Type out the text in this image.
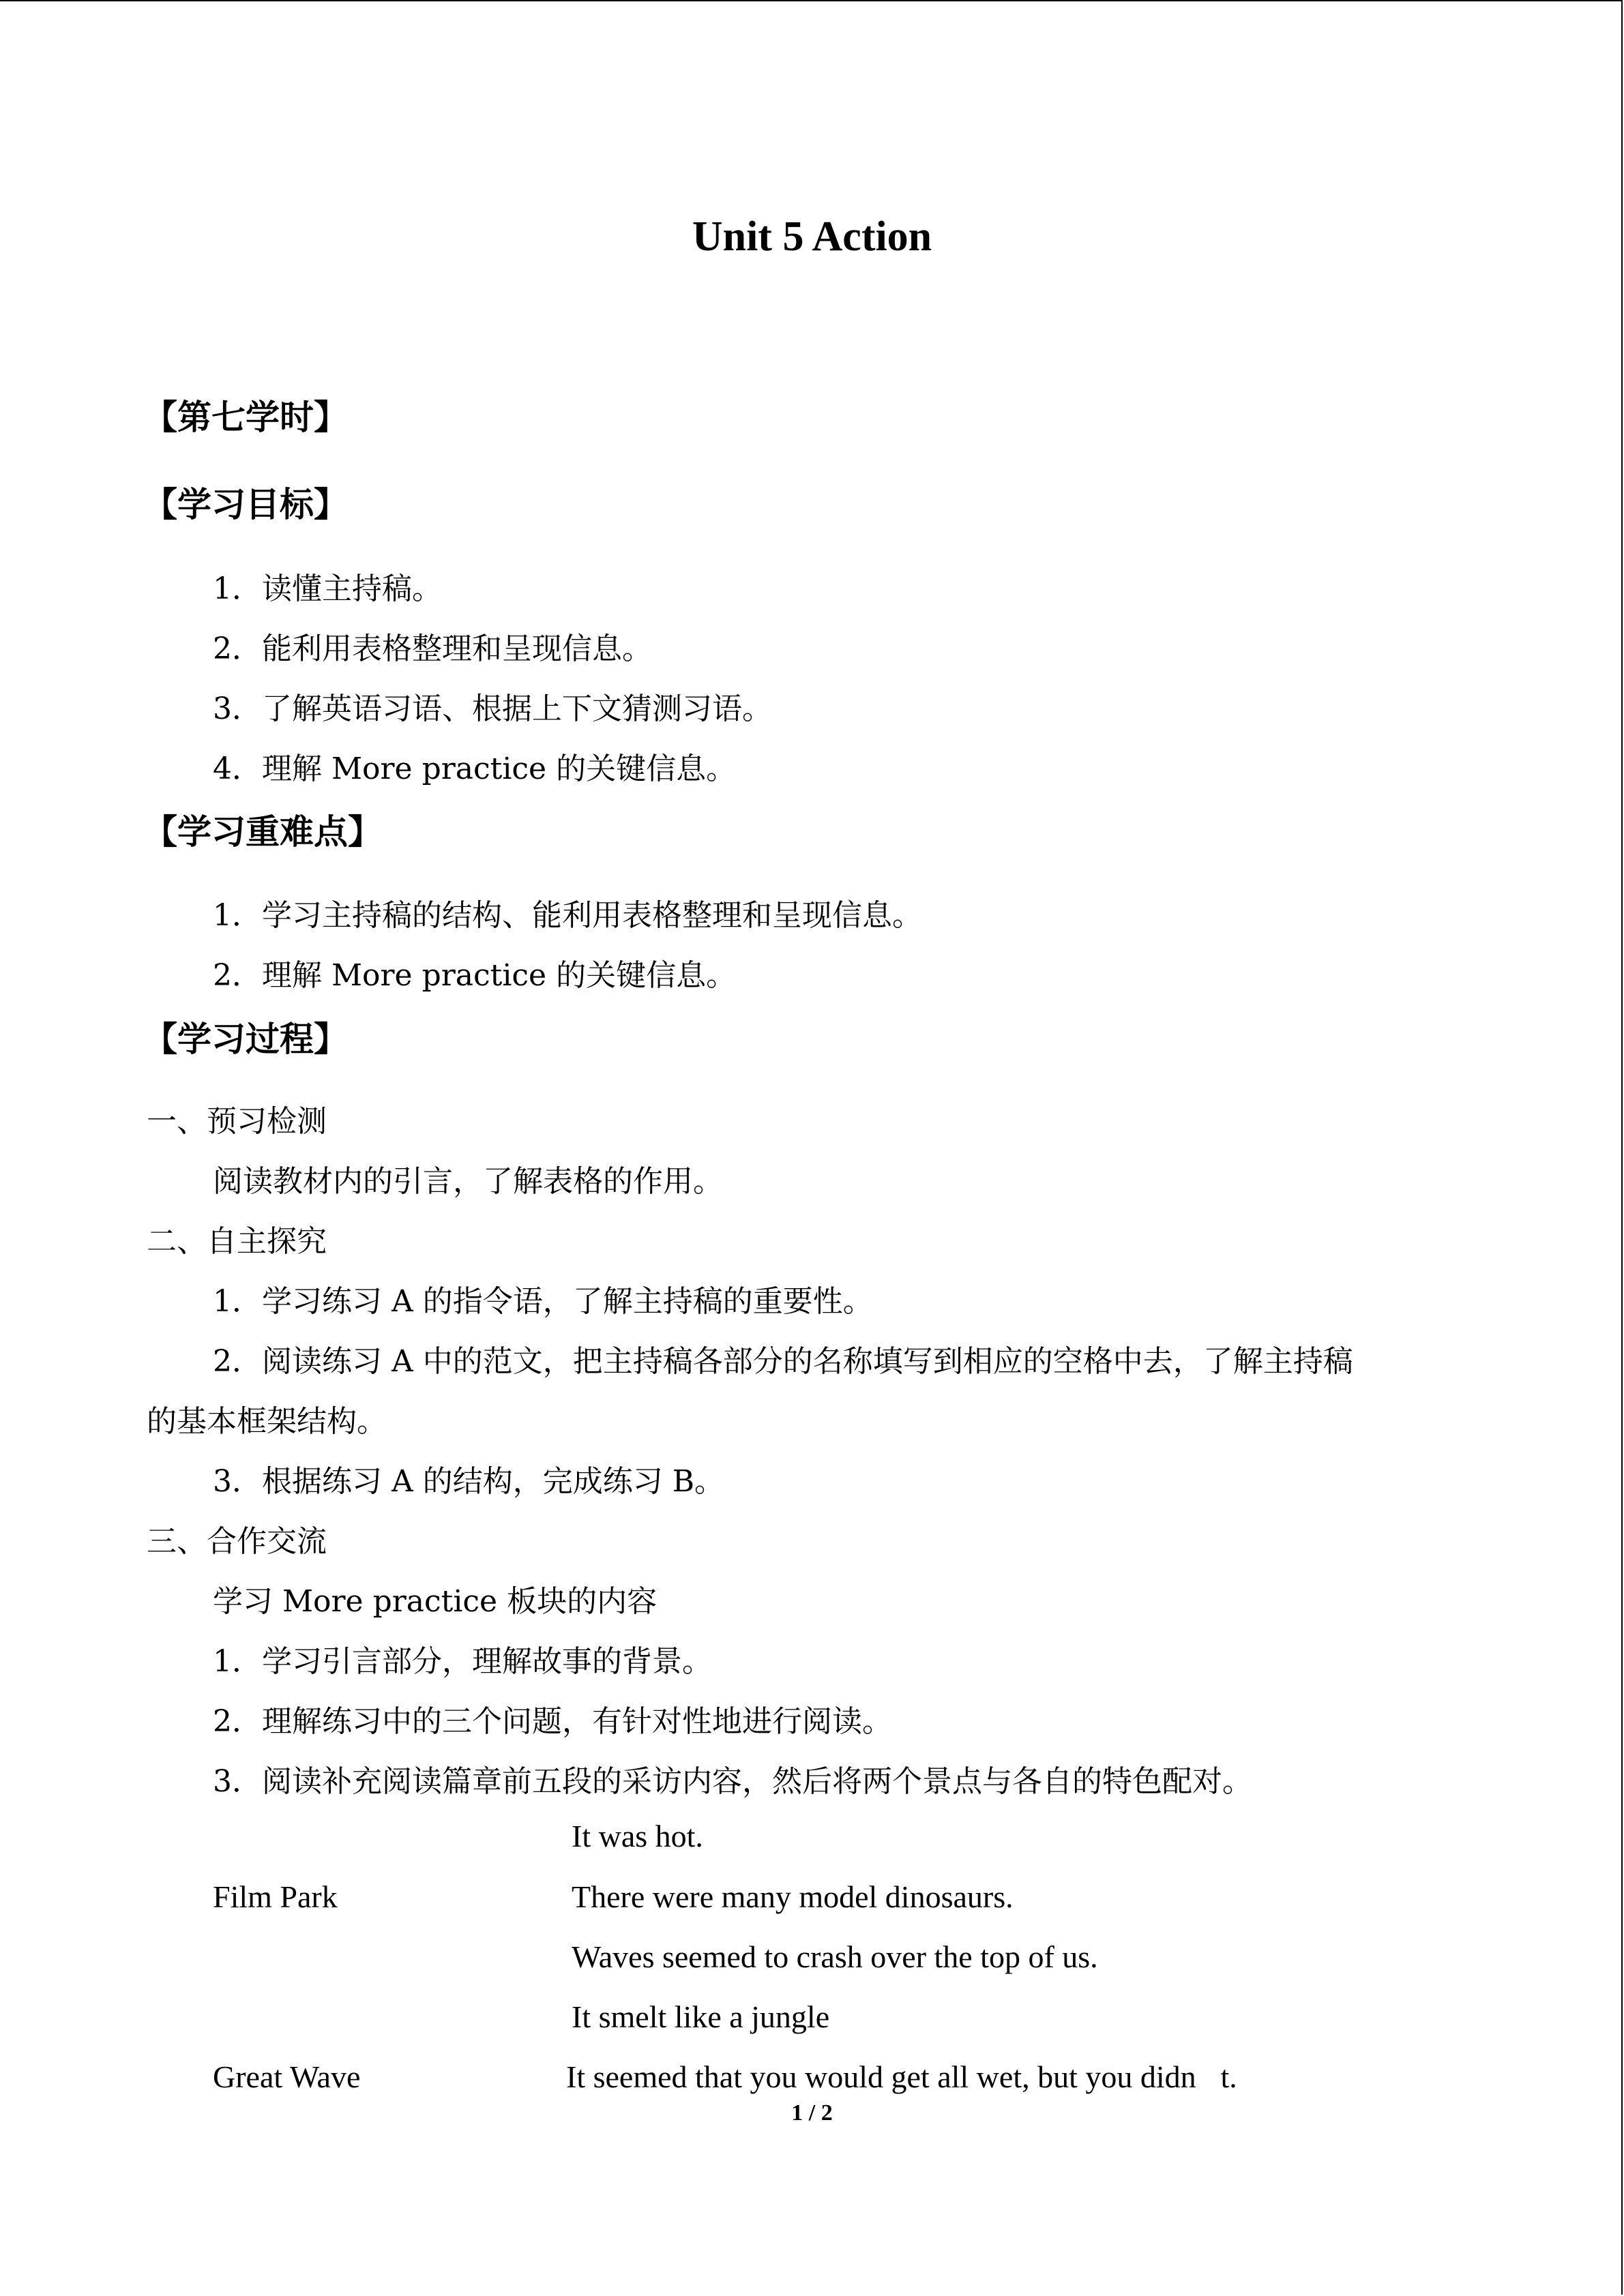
Unit 5 Action
【第七学时】
【学习目标】
1．读懂主持稿。
2．能利用表格整理和呈现信息。
3．了解英语习语、根据上下文猜测习语。
4．理解 More practice 的关键信息。
【学习重难点】
1．学习主持稿的结构、能利用表格整理和呈现信息。
2．理解 More practice 的关键信息。
【学习过程】
一、预习检测
阅读教材内的引言，了解表格的作用。
二、自主探究
1．学习练习 A 的指令语，了解主持稿的重要性。
2．阅读练习 A 中的范文，把主持稿各部分的名称填写到相应的空格中去，了解主持稿
的基本框架结构。
3．根据练习 A 的结构，完成练习 B。
三、合作交流
学习 More practice 板块的内容
1．学习引言部分，理解故事的背景。
2．理解练习中的三个问题，有针对性地进行阅读。
3．阅读补充阅读篇章前五段的采访内容，然后将两个景点与各自的特色配对。
It was hot.
Film Park	There were many model dinosaurs.
Waves seemed to crash over the top of us.
It smelt like a jungle
Great Wave	It seemed that you would get all wet, but you didn t.
1 / 2
